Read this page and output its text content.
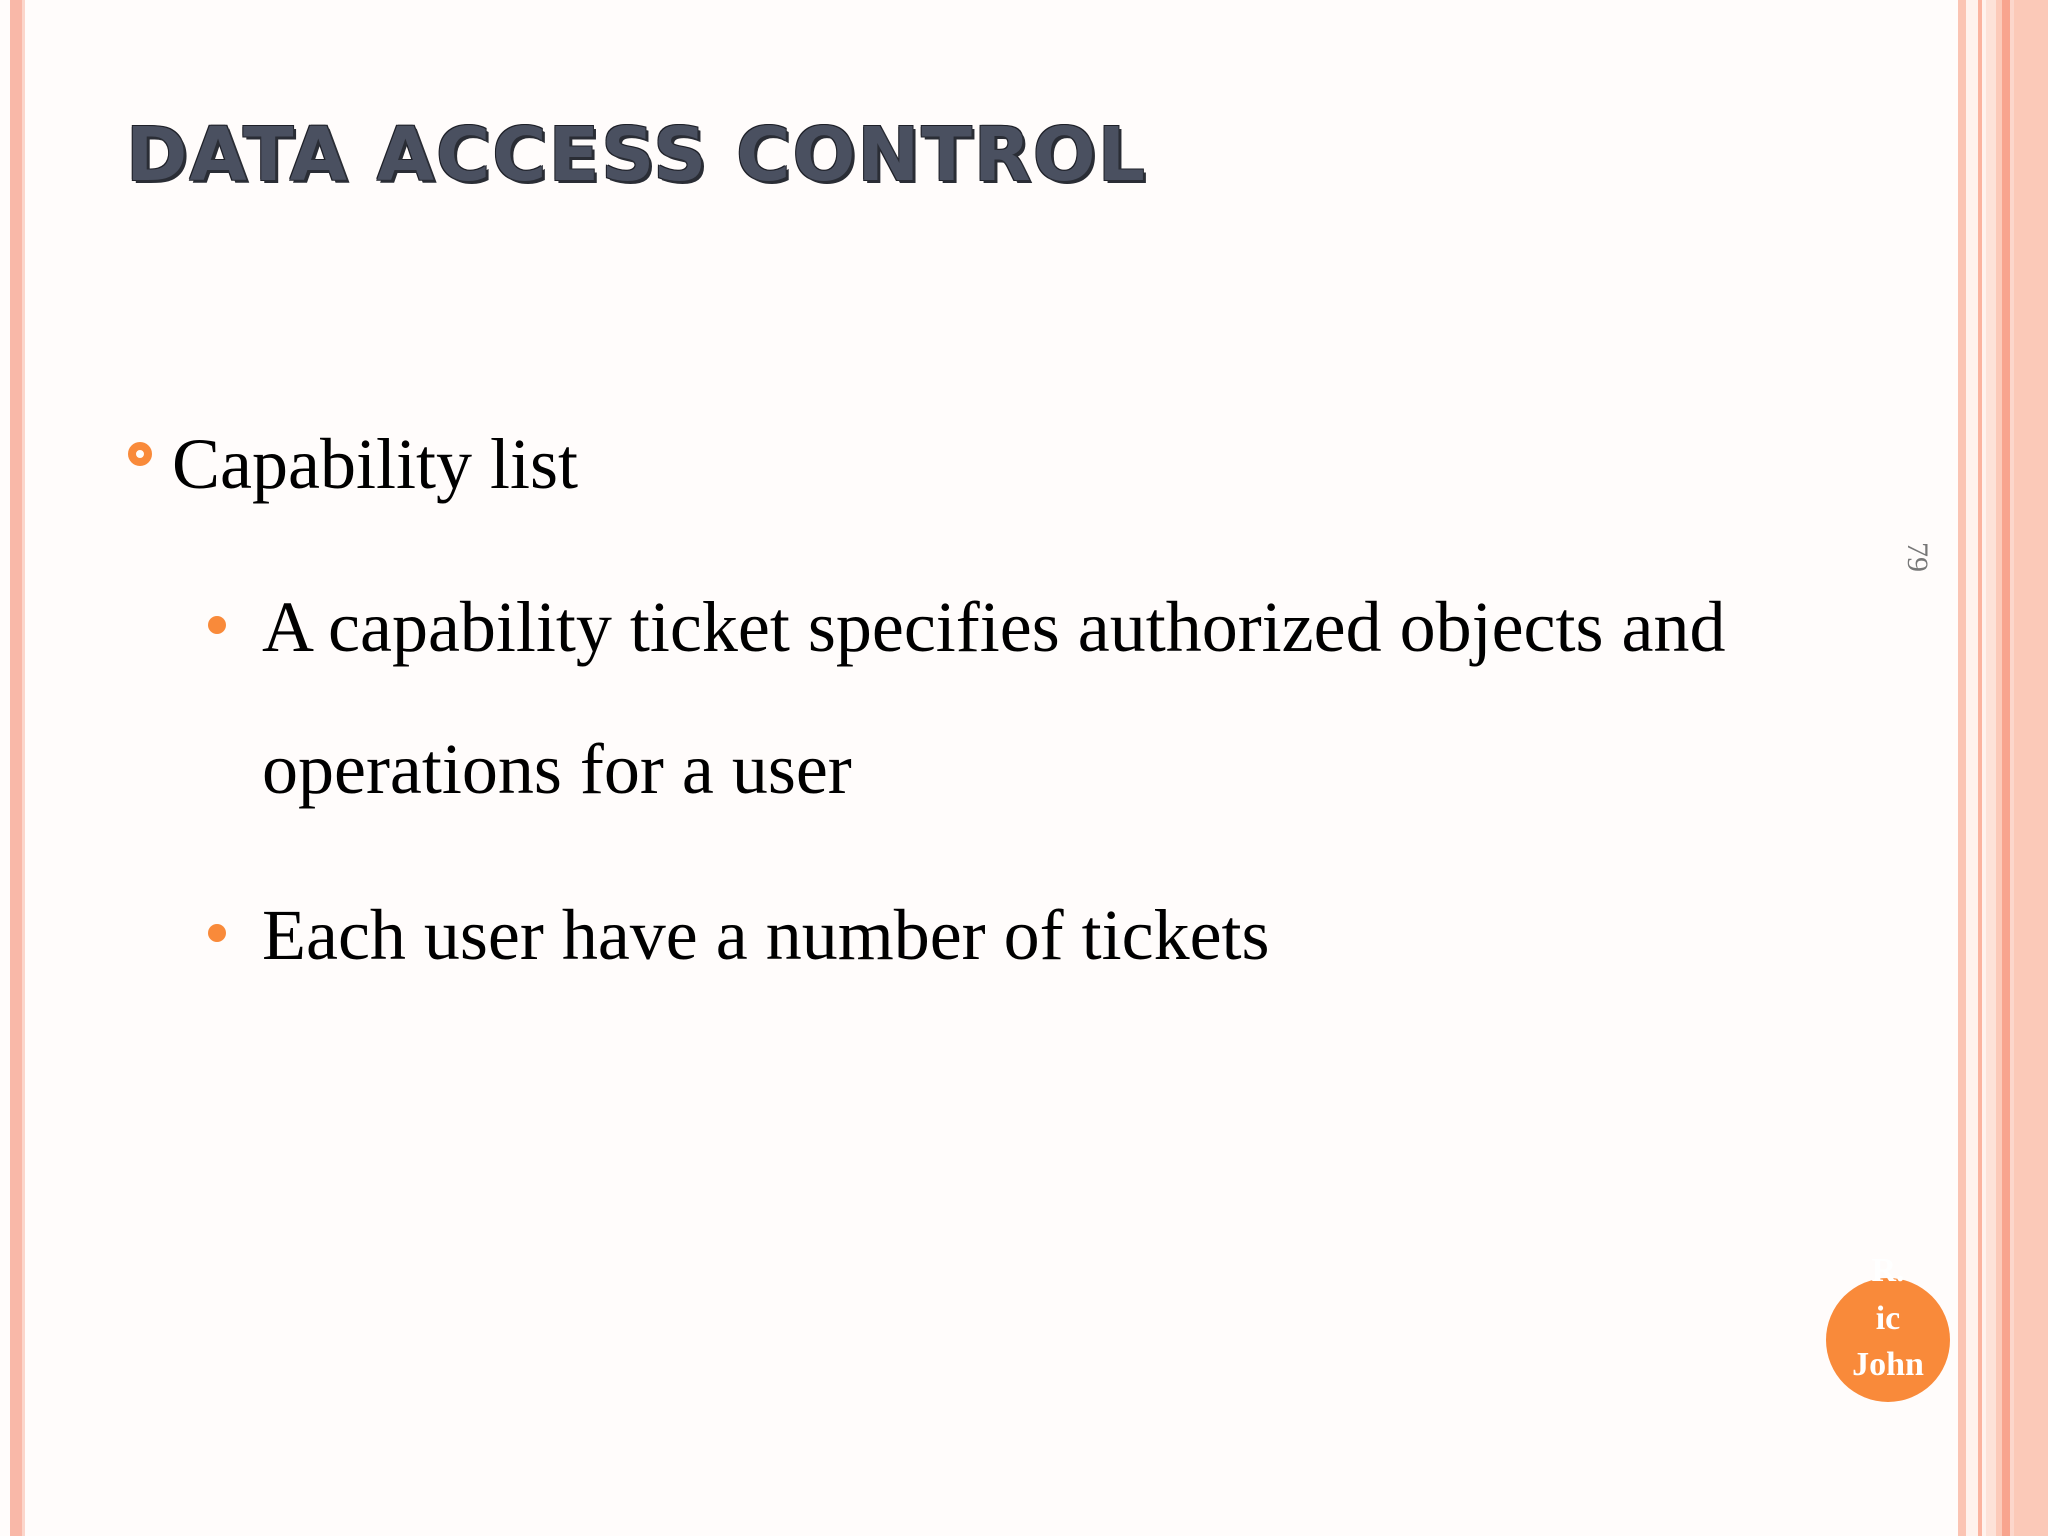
DATA ACCESS CONTROL
Capability list
A capability ticket specifies authorized objects and operations for a user
Each user have a number of tickets
79
R.
ic
John
